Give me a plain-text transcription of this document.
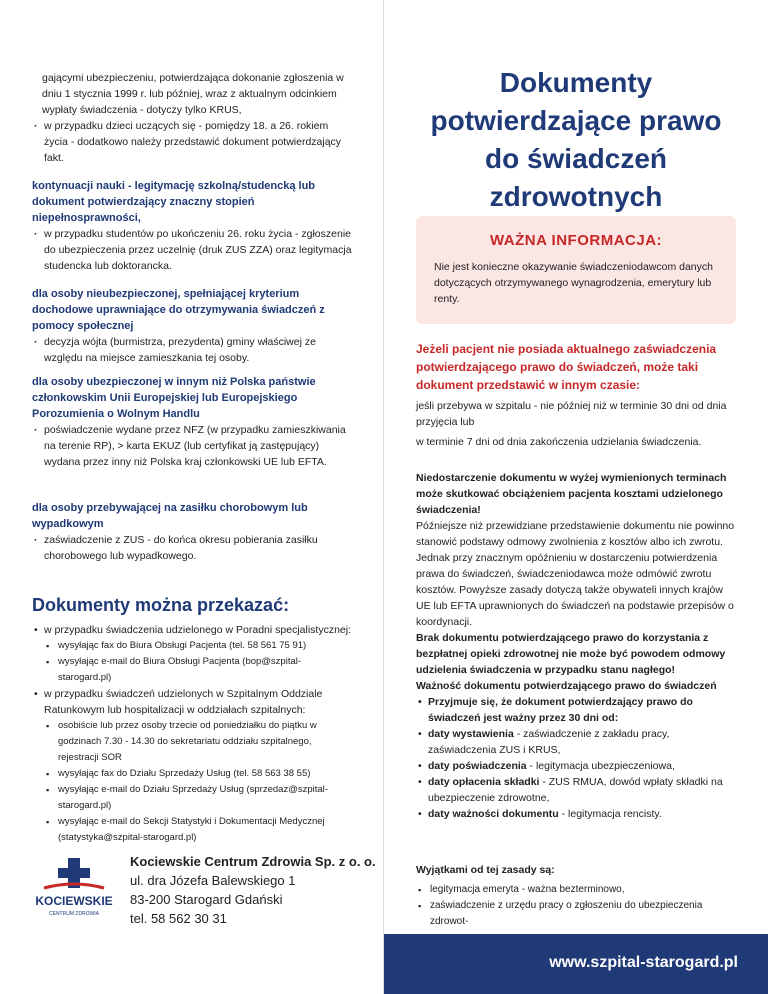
gającymi ubezpieczeniu, potwierdzająca dokonanie zgłoszenia w dniu 1 stycznia 1999 r. lub później, wraz z aktualnym odcinkiem wypłaty świadczenia - dotyczy tylko KRUS,
· w przypadku dzieci uczących się - pomiędzy 18. a 26. rokiem życia - dodatkowo należy przedstawić dokument potwierdzający fakt.
kontynuacji nauki - legitymację szkolną/studencką lub dokument potwierdzający znaczny stopień niepełnosprawności,
· w przypadku studentów po ukończeniu 26. roku życia - zgłoszenie do ubezpieczenia przez uczelnię (druk ZUS ZZA) oraz legitymacja studencka lub doktorancka.
dla osoby nieubezpieczonej, spełniającej kryterium dochodowe uprawniające do otrzymywania świadczeń z pomocy społecznej
· decyzja wójta (burmistrza, prezydenta) gminy właściwej ze względu na miejsce zamieszkania tej osoby.
dla osoby ubezpieczonej w innym niż Polska państwie członkowskim Unii Europejskiej lub Europejskiego Porozumienia o Wolnym Handlu
· poświadczenie wydane przez NFZ (w przypadku zamieszkiwania na terenie RP), > karta EKUZ (lub certyfikat ją zastępujący) wydana przez inny niż Polska kraj członkowski UE lub EFTA.
dla osoby przebywającej na zasiłku chorobowym lub wypadkowym
· zaświadczenie z ZUS - do końca okresu pobierania zasiłku chorobowego lub wypadkowego.
Dokumenty można przekazać:
• w przypadku świadczenia udzielonego w Poradni specjalistycznej:
▪ wysyłając fax do Biura Obsługi Pacjenta (tel. 58 561 75 91)
▪ wysyłając e-mail do Biura Obsługi Pacjenta (bop@szpital-starogard.pl)
• w przypadku świadczeń udzielonych w Szpitalnym Oddziale Ratunkowym lub hospitalizacji w oddziałach szpitalnych:
▪ osobiście lub przez osoby trzecie od poniedziałku do piątku w godzinach 7.30 - 14.30 do sekretariatu oddziału szpitalnego, rejestracji SOR
▪ wysyłając fax do Działu Sprzedaży Usług (tel. 58 563 38 55)
▪ wysyłając e-mail do Działu Sprzedaży Usług (sprzedaz@szpital-starogard.pl)
▪ wysyłając e-mail do Sekcji Statystyki i Dokumentacji Medycznej (statystyka@szpital-starogard.pl)
KOCIEWSKIE
CENTRUM ZDROWIA
Kociewskie Centrum Zdrowia Sp. z o. o.
ul. dra Józefa Balewskiego 1
83-200 Starogard Gdański
tel. 58 562 30 31
Dokumenty
potwierdzające prawo
do świadczeń zdrowotnych
WAŻNA INFORMACJA:

Nie jest konieczne okazywanie świadczeniodawcom danych dotyczących otrzymywanego wynagrodzenia, emerytury lub renty.

Jeżeli pacjent nie posiada aktualnego zaświadczenia potwierdzającego prawo do świadczeń, może taki dokument przedstawić w innym czasie:
jeśli przebywa w szpitalu - nie później niż w terminie 30 dni od dnia przyjęcia lub
w terminie 7 dni od dnia zakończenia udzielania świadczenia.
Niedostarczenie dokumentu w wyżej wymienionych terminach może skutkować obciążeniem pacjenta kosztami udzielonego świadczenia!
Późniejsze niż przewidziane przedstawienie dokumentu nie powinno stanowić podstawy odmowy zwolnienia z kosztów albo ich zwrotu. Jednak przy znacznym opóźnieniu w dostarczeniu potwierdzenia prawa do świadczeń, świadczeniodawca może odmówić zwrotu kosztów. Powyższe zasady dotyczą także obywateli innych krajów UE lub EFTA uprawnionych do świadczeń na podstawie przepisów o koordynacji.
Brak dokumentu potwierdzającego prawo do korzystania z bezpłatnej opieki zdrowotnej nie może być powodem odmowy udzielenia świadczenia w przypadku stanu nagłego!
Ważność dokumentu potwierdzającego prawo do świadczeń
• Przyjmuje się, że dokument potwierdzający prawo do świadczeń jest ważny przez 30 dni od:
• daty wystawienia - zaświadczenie z zakładu pracy, zaświadczenia ZUS i KRUS,
• daty poświadczenia - legitymacja ubezpieczeniowa,
• daty opłacenia składki - ZUS RMUA, dowód wpłaty składki na ubezpieczenie zdrowotne,
• daty ważności dokumentu - legitymacja rencisty.
Wyjątkami od tej zasady są:
▪ legitymacja emeryta - ważna bezterminowo,
▪ zaświadczenie z urzędu pracy o zgłoszeniu do ubezpieczenia zdrowot-
www.szpital-starogard.pl
